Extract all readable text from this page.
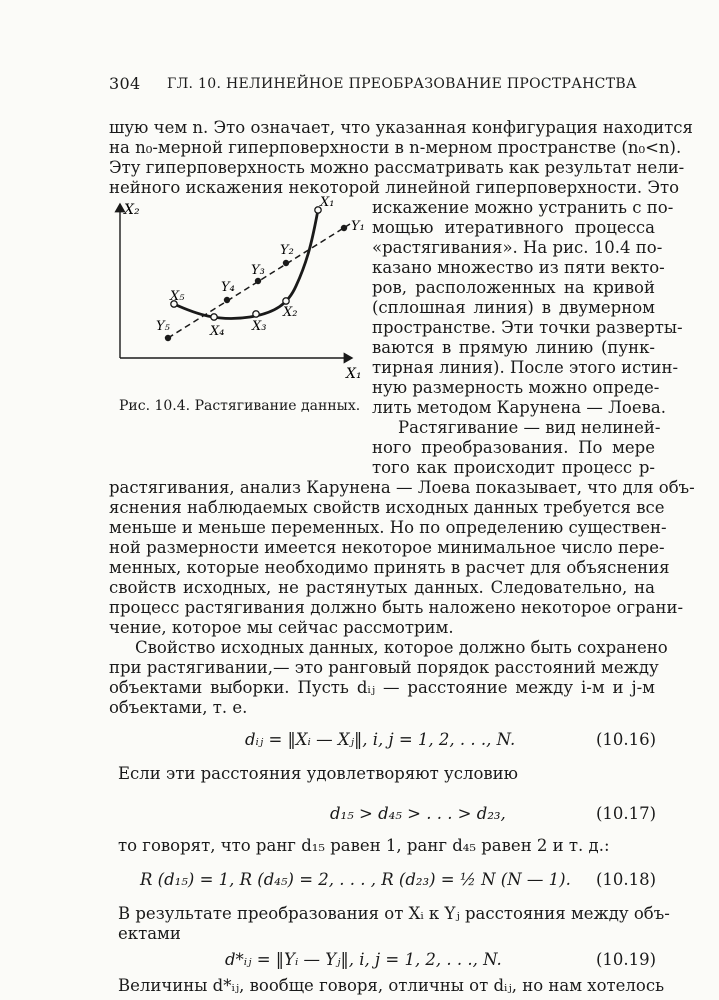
304 ГЛ. 10. НЕЛИНЕЙНОЕ ПРЕОБРАЗОВАНИЕ ПРОСТРАНСТВА
шую чем n. Это означает, что указанная конфигурация находится
на n₀-мерной гиперповерхности в n-мерном пространстве (n₀<n).
Эту гиперповерхность можно рассматривать как результат нели-
нейного искажения некоторой линейной гиперповерхности. Это
X₂
X₁
X₁
Y₁
Y₂
Y₃
Y₄
X₅
X₂
X₃
X₄
Y₅
Рис. 10.4. Растягивание данных.
искажение можно устранить с по-
мощью итеративного процесса
«растягивания». На рис. 10.4 по-
казано множество из пяти векто-
ров, расположенных на кривой
(сплошная линия) в двумерном
пространстве. Эти точки разверты-
ваются в прямую линию (пунк-
тирная линия). После этого истин-
ную размерность можно опреде-
лить методом Карунена — Лоева.
Растягивание — вид нелиней-
ного преобразования. По мере
того как происходит процесс р-
растягивания, анализ Карунена — Лоева показывает, что для объ-
яснения наблюдаемых свойств исходных данных требуется все
меньше и меньше переменных. Но по определению существен-
ной размерности имеется некоторое минимальное число пере-
менных, которые необходимо принять в расчет для объяснения
свойств исходных, не растянутых данных. Следовательно, на
процесс растягивания должно быть наложено некоторое ограни-
чение, которое мы сейчас рассмотрим.
Свойство исходных данных, которое должно быть сохранено
при растягивании,— это ранговый порядок расстояний между
объектами выборки. Пусть dᵢⱼ — расстояние между i-м и j-м
объектами, т. е.
dᵢⱼ = ‖Xᵢ — Xⱼ‖, i, j = 1, 2, . . ., N.	(10.16)
Если эти расстояния удовлетворяют условию
d₁₅ > d₄₅ > . . . > d₂₃,	(10.17)
то говорят, что ранг d₁₅ равен 1, ранг d₄₅ равен 2 и т. д.:
R (d₁₅) = 1, R (d₄₅) = 2, . . . , R (d₂₃) = ½ N (N — 1). (10.18)
В результате преобразования от Xᵢ к Yⱼ расстояния между объ-
ектами
d*ᵢⱼ = ‖Yᵢ — Yⱼ‖, i, j = 1, 2, . . ., N.	(10.19)
Величины d*ᵢⱼ, вообще говоря, отличны от dᵢⱼ, но нам хотелось
